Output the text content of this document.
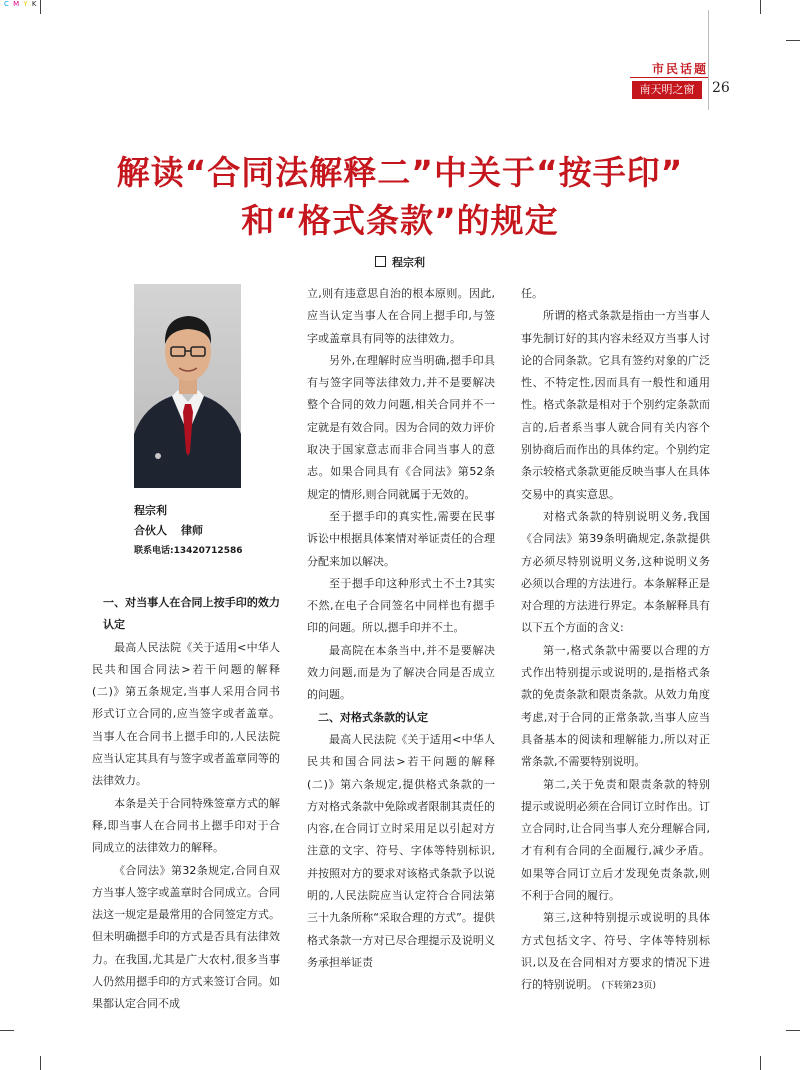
C M Y K
市民话题
南天明之窗	26
解读“合同法解释二”中关于“按手印”
和“格式条款”的规定
程宗利
程宗利
合伙人 律师
联系电话:13420712586

一、对当事人在合同上按手印的效力认定

最高人民法院《关于适用<中华人民共和国合同法>若干问题的解释(二)》第五条规定,当事人采用合同书形式订立合同的,应当签字或者盖章。当事人在合同书上摁手印的,人民法院应当认定其具有与签字或者盖章同等的法律效力。

本条是关于合同特殊签章方式的解释,即当事人在合同书上摁手印对于合同成立的法律效力的解释。

《合同法》第32条规定,合同自双方当事人签字或盖章时合同成立。合同法这一规定是最常用的合同签定方式。但未明确摁手印的方式是否具有法律效力。在我国,尤其是广大农村,很多当事人仍然用摁手印的方式来签订合同。如果都认定合同不成

立,则有违意思自治的根本原则。因此,应当认定当事人在合同上摁手印,与签字或盖章具有同等的法律效力。

另外,在理解时应当明确,摁手印具有与签字同等法律效力,并不是要解决整个合同的效力问题,相关合同并不一定就是有效合同。因为合同的效力评价取决于国家意志而非合同当事人的意志。如果合同具有《合同法》第52条规定的情形,则合同就属于无效的。

至于摁手印的真实性,需要在民事诉讼中根据具体案情对举证责任的合理分配来加以解决。

至于摁手印这种形式土不土?其实不然,在电子合同签名中同样也有摁手印的问题。所以,摁手印并不土。

最高院在本条当中,并不是要解决效力问题,而是为了解决合同是否成立的问题。

二、对格式条款的认定

最高人民法院《关于适用<中华人民共和国合同法>若干问题的解释(二)》第六条规定,提供格式条款的一方对格式条款中免除或者限制其责任的内容,在合同订立时采用足以引起对方注意的文字、符号、字体等特别标识,并按照对方的要求对该格式条款予以说明的,人民法院应当认定符合合同法第三十九条所称“采取合理的方式”。提供格式条款一方对已尽合理提示及说明义务承担举证责

任。

所谓的格式条款是指由一方当事人事先制订好的其内容未经双方当事人讨论的合同条款。它具有签约对象的广泛性、不特定性,因而具有一般性和通用性。格式条款是相对于个别约定条款而言的,后者系当事人就合同有关内容个别协商后而作出的具体约定。个别约定条示较格式条款更能反映当事人在具体交易中的真实意思。

对格式条款的特别说明义务,我国《合同法》第39条明确规定,条款提供方必须尽特别说明义务,这种说明义务必须以合理的方法进行。本条解释正是对合理的方法进行界定。本条解释具有以下五个方面的含义:

第一,格式条款中需要以合理的方式作出特别提示或说明的,是指格式条款的免责条款和限责条款。从效力角度考虑,对于合同的正常条款,当事人应当具备基本的阅读和理解能力,所以对正常条款,不需要特别说明。

第二,关于免责和限责条款的特别提示或说明必须在合同订立时作出。订立合同时,让合同当事人充分理解合同,才有利有合同的全面履行,减少矛盾。如果等合同订立后才发现免责条款,则不利于合同的履行。

第三,这种特别提示或说明的具体方式包括文字、符号、字体等特别标识,以及在合同相对方要求的情况下进行的特别说明。 (下转第23页)
